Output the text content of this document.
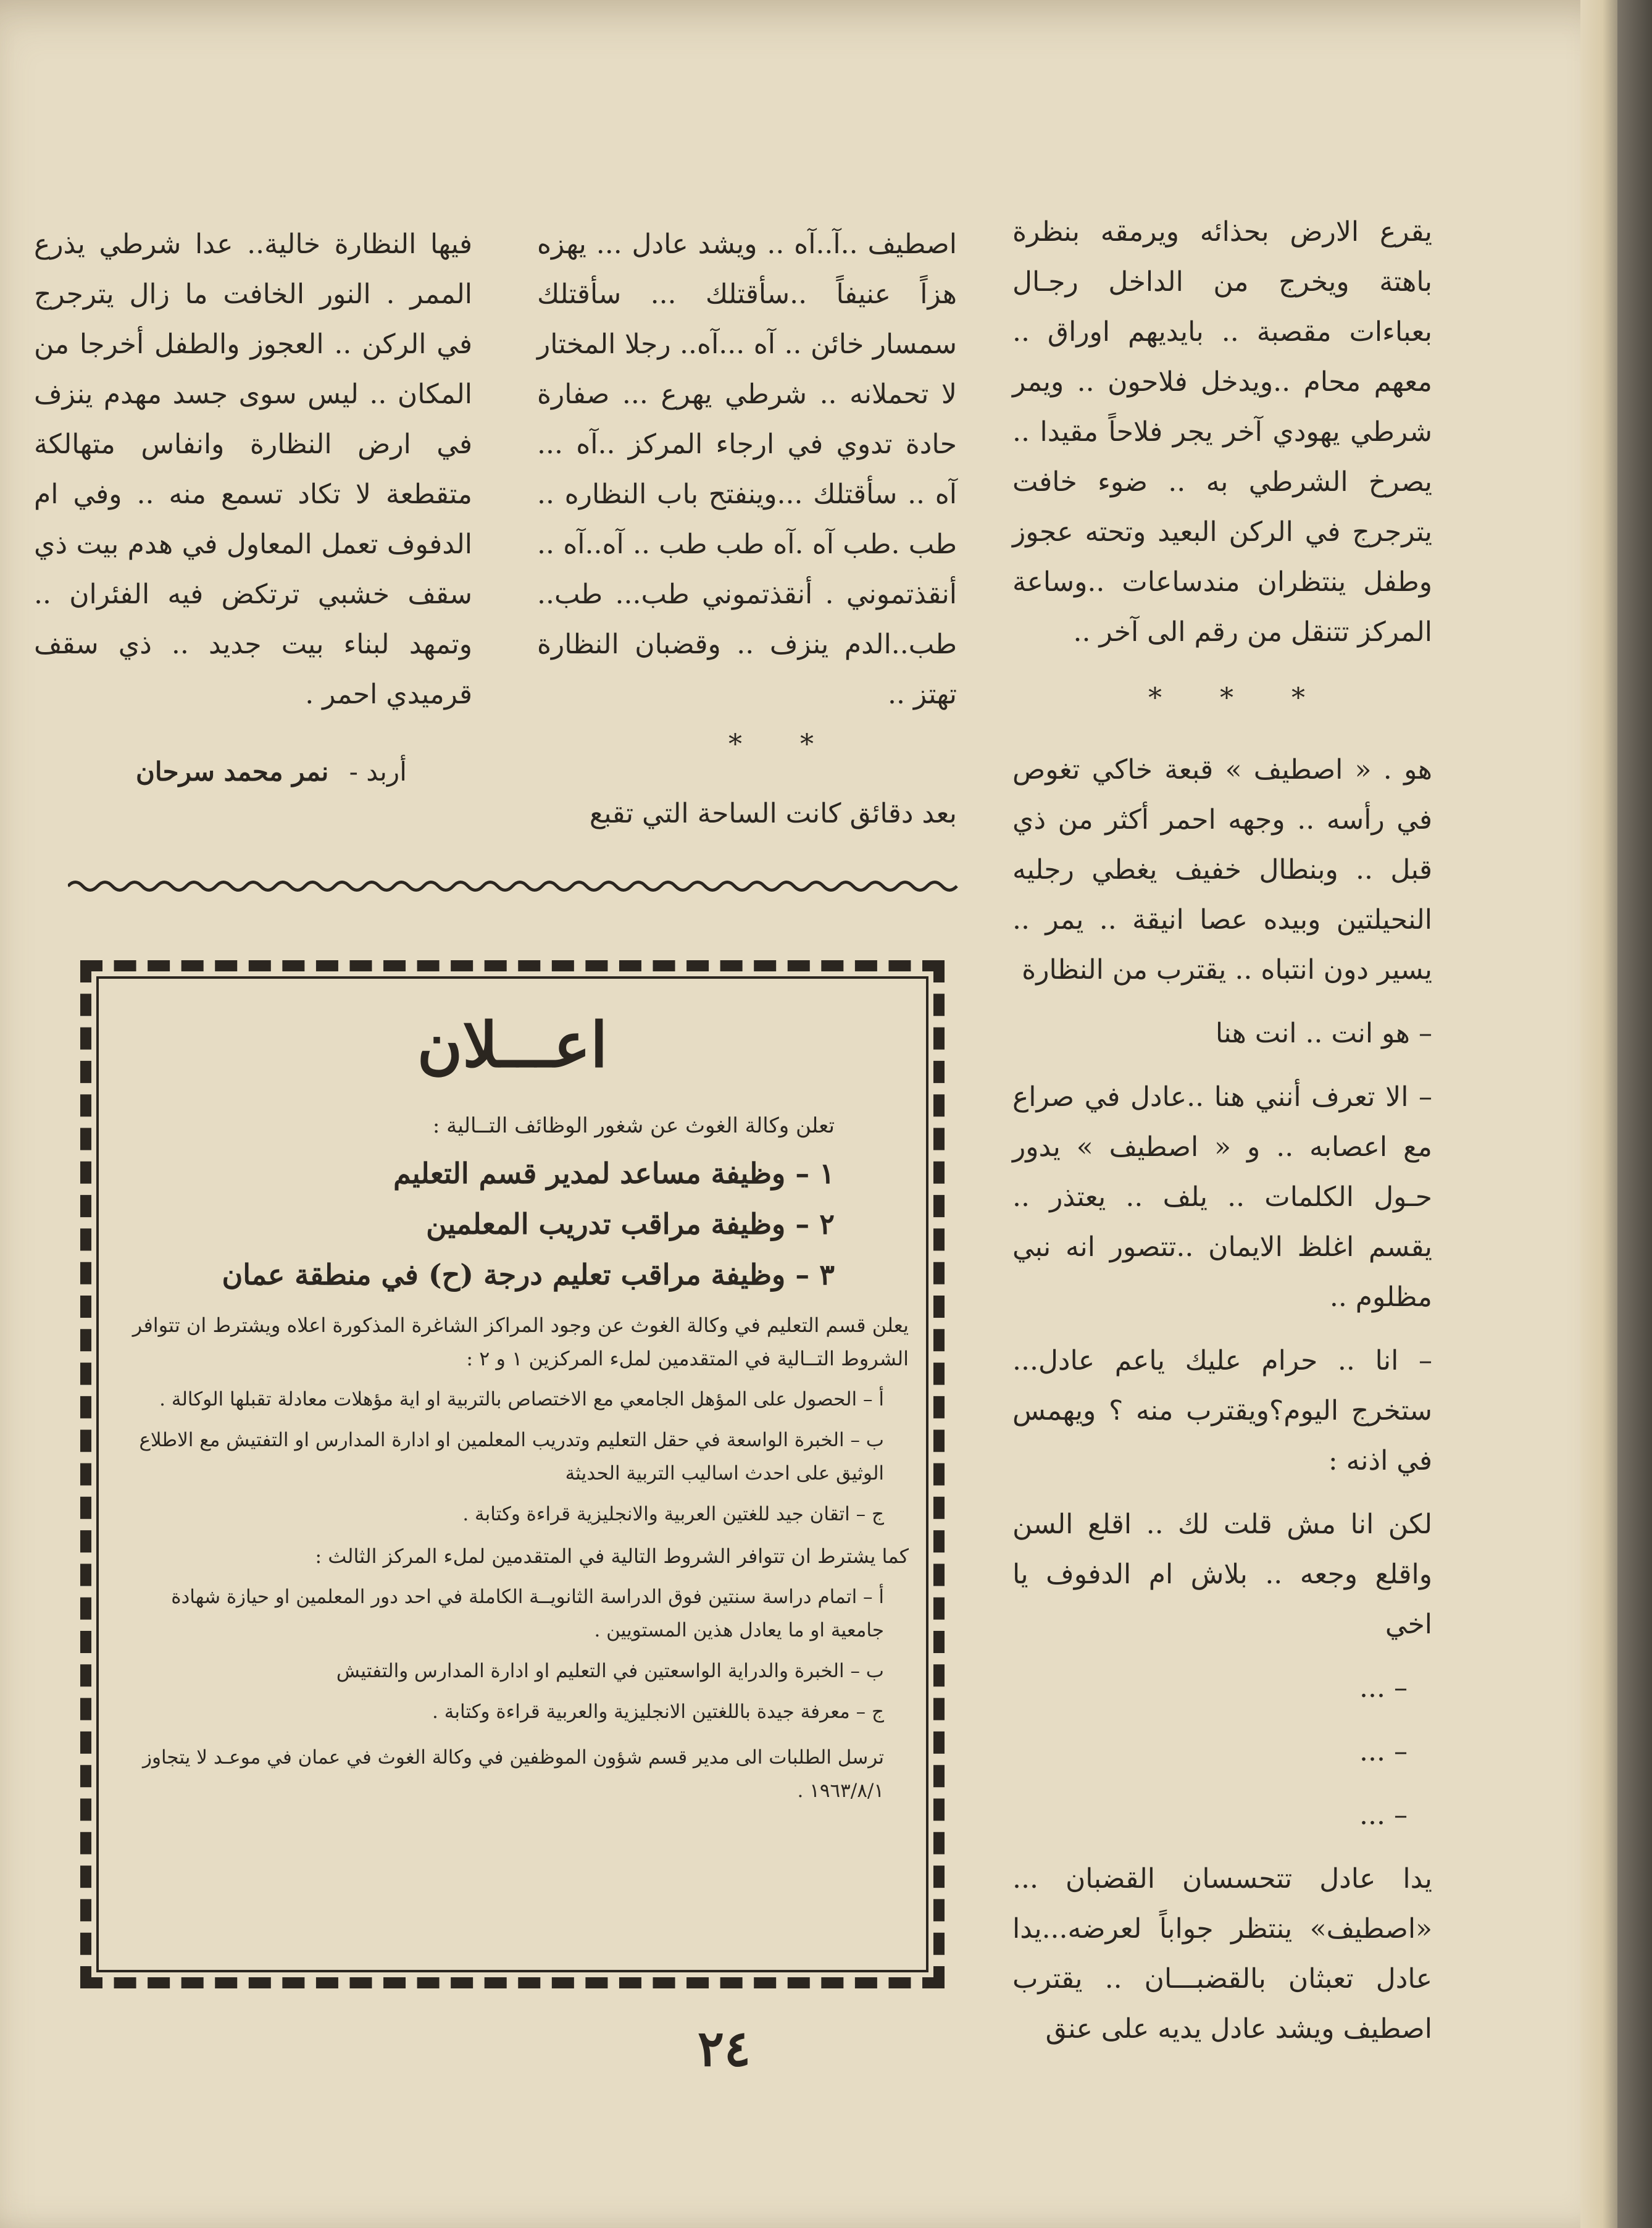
يقرع الارض بحذائه ويرمقه بنظرة باهتة ويخرج من الداخل رجـال بعباءات مقصبة .. بايديهم اوراق .. معهم محام ..ويدخل فلاحون .. ويمر شرطي يهودي آخر يجر فلاحاً مقيدا .. يصرخ الشرطي به .. ضوء خافت يترجرج في الركن البعيد وتحته عجوز وطفل ينتظران مندساعات ..وساعة المركز تتنقل من رقم الى آخر ..

هو . « اصطيف » قبعة خاكي تغوص في رأسه .. وجهه احمر أكثر من ذي قبل .. وبنطال خفيف يغطي رجليه النحيلتين وبيده عصا انيقة .. يمر .. يسير دون انتباه .. يقترب من النظارة

– هو انت .. انت هنا

– الا تعرف أنني هنا ..عادل في صراع مع اعصابه .. و « اصطيف » يدور حـول الكلمات .. يلف .. يعتذر .. يقسم اغلظ الايمان ..تتصور انه نبي مظلوم ..

– انا .. حرام عليك ياعم عادل... ستخرج اليوم؟ويقترب منه ؟ ويهمس في اذنه :

لكن انا مش قلت لك .. اقلع السن واقلع وجعه .. بلاش ام الدفوف يا اخي

– ...

– ...

– ...

يدا عادل تتحسسان القضبان ... «اصطيف» ينتظر جواباً لعرضه...يدا عادل تعبثان بالقضبـــان .. يقترب اصطيف ويشد عادل يديه على عنق

* * *

اصطيف ..آ..آه .. ويشد عادل ... يهزه هزاً عنيفاً ..سأقتلك ... سأقتلك سمسار خائن .. آه ...آه.. رجلا المختار لا تحملانه .. شرطي يهرع ... صفارة حادة تدوي في ارجاء المركز ..آه ... آه .. سأقتلك ...وينفتح باب النظاره .. طب .طب آه .آه طب طب .. آه..آه .. أنقذتموني . أنقذتموني طب... طب.. طب..الدم ينزف .. وقضبان النظارة تهتز ..

بعد دقائق كانت الساحة التي تقبع

* *

فيها النظارة خالية.. عدا شرطي يذرع الممر . النور الخافت ما زال يترجرج في الركن .. العجوز والطفل أخرجا من المكان .. ليس سوى جسد مهدم ينزف في ارض النظارة وانفاس متهالكة متقطعة لا تكاد تسمع منه .. وفي ام الدفوف تعمل المعاول في هدم بيت ذي سقف خشبي ترتكض فيه الفئران .. وتمهد لبناء بيت جديد .. ذي سقف قرميدي احمر .

أربد - نمر محمد سرحان
اعـــلان
تعلن وكالة الغوث عن شغور الوظائف التــالية :
١ – وظيفة مساعد لمدير قسم التعليم
٢ – وظيفة مراقب تدريب المعلمين
٣ – وظيفة مراقب تعليم درجة (ح) في منطقة عمان
يعلن قسم التعليم في وكالة الغوث عن وجود المراكز الشاغرة المذكورة اعلاه ويشترط ان تتوافر الشروط التــالية في المتقدمين لملء المركزين ١ و ٢ :
أ – الحصول على المؤهل الجامعي مع الاختصاص بالتربية او اية مؤهلات معادلة تقبلها الوكالة .
ب – الخبرة الواسعة في حقل التعليم وتدريب المعلمين او ادارة المدارس او التفتيش مع الاطلاع الوثيق على احدث اساليب التربية الحديثة
ج – اتقان جيد للغتين العربية والانجليزية قراءة وكتابة .
كما يشترط ان تتوافر الشروط التالية في المتقدمين لملء المركز الثالث :
أ – اتمام دراسة سنتين فوق الدراسة الثانويــة الكاملة في احد دور المعلمين او حيازة شهادة جامعية او ما يعادل هذين المستويين .
ب – الخبرة والدراية الواسعتين في التعليم او ادارة المدارس والتفتيش
ج – معرفة جيدة باللغتين الانجليزية والعربية قراءة وكتابة .
ترسل الطلبات الى مدير قسم شؤون الموظفين في وكالة الغوث في عمان في موعـد لا يتجاوز ١٩٦٣/٨/١ .
٢٤
